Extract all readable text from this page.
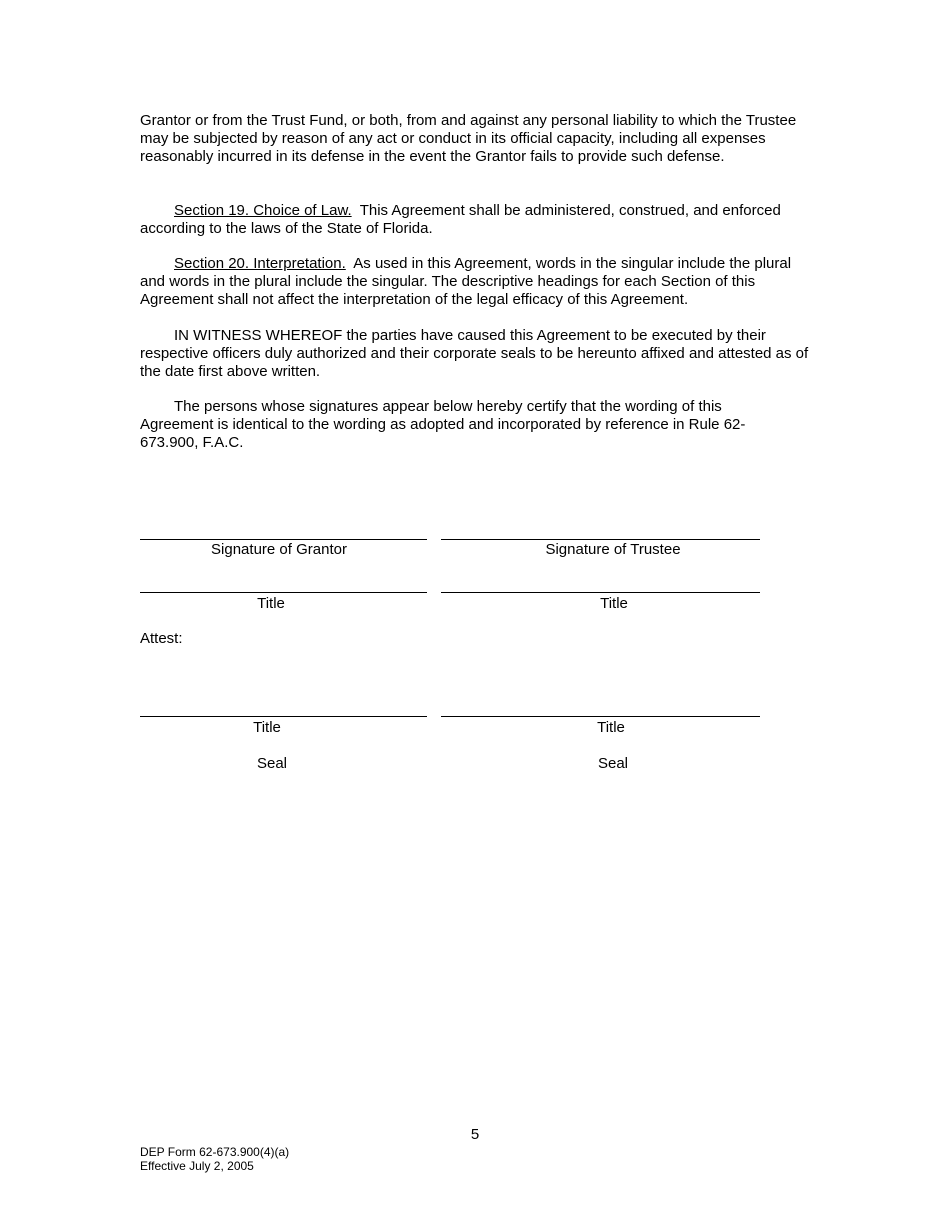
Grantor or from the Trust Fund, or both, from and against any personal liability to which the Trustee may be subjected by reason of any act or conduct in its official capacity, including all expenses reasonably incurred in its defense in the event the Grantor fails to provide such defense.

Section 19. Choice of Law. This Agreement shall be administered, construed, and enforced according to the laws of the State of Florida.

Section 20. Interpretation. As used in this Agreement, words in the singular include the plural and words in the plural include the singular. The descriptive headings for each Section of this Agreement shall not affect the interpretation of the legal efficacy of this Agreement.

IN WITNESS WHEREOF the parties have caused this Agreement to be executed by their respective officers duly authorized and their corporate seals to be hereunto affixed and attested as of the date first above written.

The persons whose signatures appear below hereby certify that the wording of this Agreement is identical to the wording as adopted and incorporated by reference in Rule 62-673.900, F.A.C.

Signature of Grantor	Signature of Trustee
Title	Title
Attest:
Title	Title
Seal	Seal
5
DEP Form 62-673.900(4)(a)
Effective July 2, 2005
